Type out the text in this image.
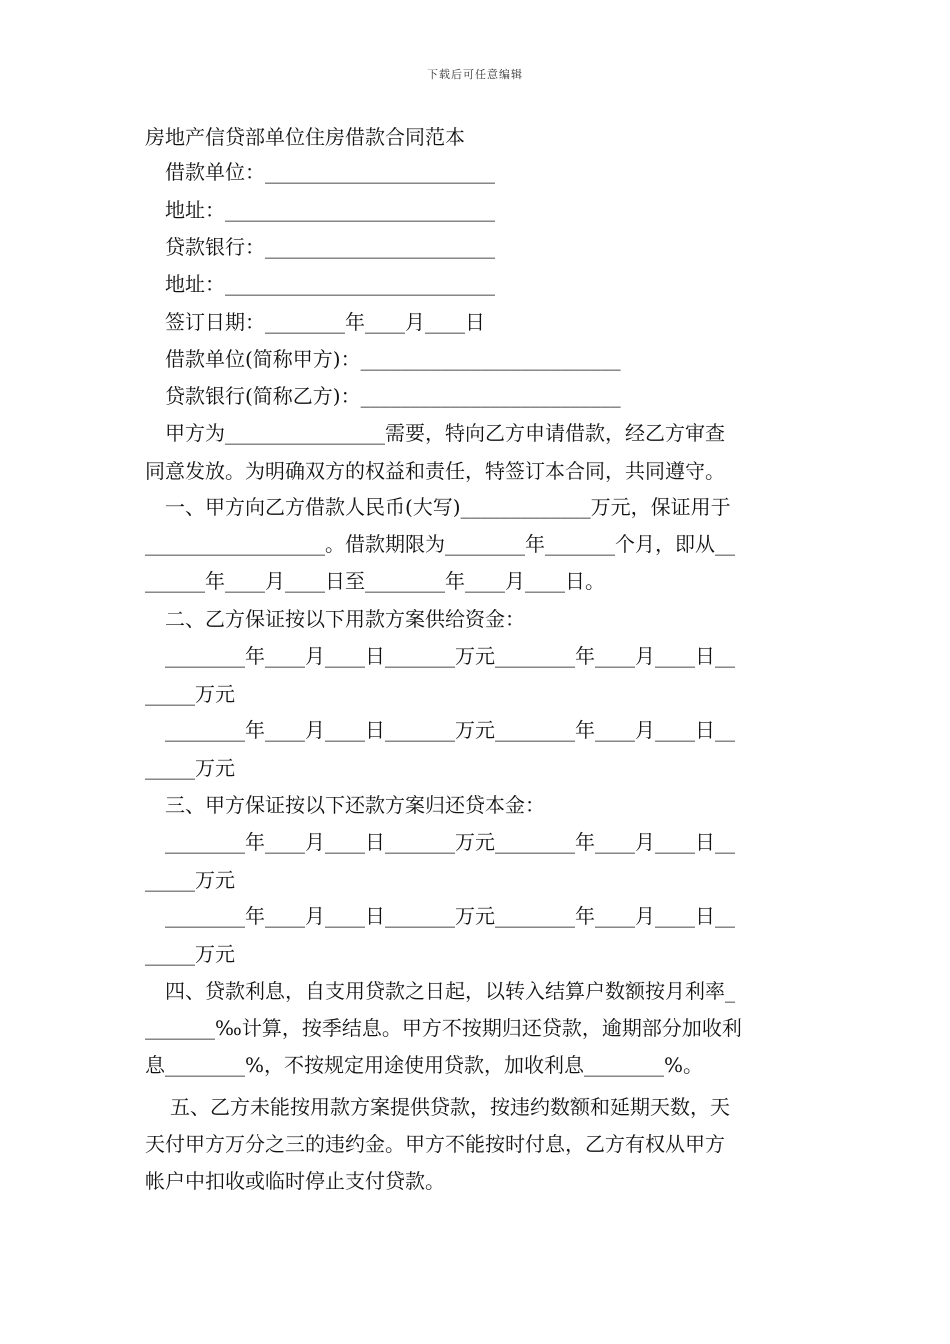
下载后可任意编辑
房地产信贷部单位住房借款合同范本
借款单位：_______________________
地址：___________________________
贷款银行：_______________________
地址：___________________________
签订日期：________年____月____日
借款单位(简称甲方)：__________________________
贷款银行(简称乙方)：__________________________
甲方为________________需要，特向乙方申请借款，经乙方审查
同意发放。为明确双方的权益和责任，特签订本合同，共同遵守。
一、甲方向乙方借款人民币(大写)_____________万元，保证用于
__________________。借款期限为________年_______个月，即从__
______年____月____日至________年____月____日。
二、乙方保证按以下用款方案供给资金：
________年____月____日_______万元________年____月____日__
_____万元
________年____月____日_______万元________年____月____日__
_____万元
三、甲方保证按以下还款方案归还贷本金：
________年____月____日_______万元________年____月____日__
_____万元
________年____月____日_______万元________年____月____日__
_____万元
四、贷款利息，自支用贷款之日起，以转入结算户数额按月利率_
_______‰计算，按季结息。甲方不按期归还贷款，逾期部分加收利
息________%，不按规定用途使用贷款，加收利息________%。
五、乙方未能按用款方案提供贷款，按违约数额和延期天数，天
天付甲方万分之三的违约金。甲方不能按时付息，乙方有权从甲方
帐户中扣收或临时停止支付贷款。
